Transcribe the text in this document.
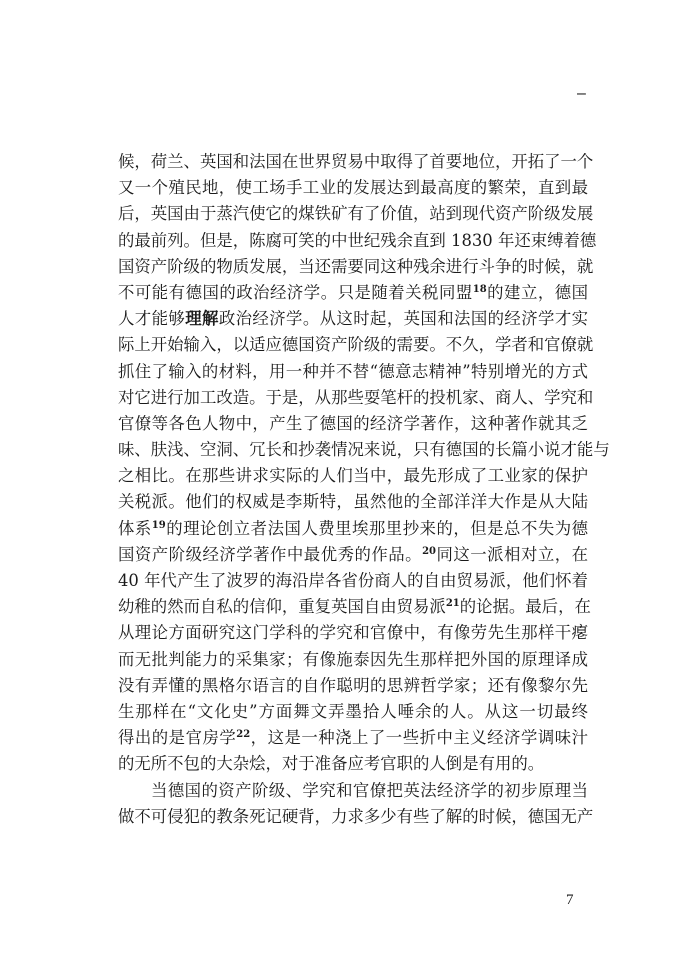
–
候，荷兰、英国和法国在世界贸易中取得了首要地位，开拓了一个
又一个殖民地，使工场手工业的发展达到最高度的繁荣，直到最
后，英国由于蒸汽使它的煤铁矿有了价值，站到现代资产阶级发展
的最前列。但是，陈腐可笑的中世纪残余直到 1830 年还束缚着德
国资产阶级的物质发展，当还需要同这种残余进行斗争的时候，就
不可能有德国的政治经济学。只是随着关税同盟$^{18}$的建立，德国
人才能够理解政治经济学。从这时起，英国和法国的经济学才实
际上开始输入，以适应德国资产阶级的需要。不久，学者和官僚就
抓住了输入的材料，用一种并不替“德意志精神”特别增光的方式
对它进行加工改造。于是，从那些耍笔杆的投机家、商人、学究和
官僚等各色人物中，产生了德国的经济学著作，这种著作就其乏
味、肤浅、空洞、冗长和抄袭情况来说，只有德国的长篇小说才能与
之相比。在那些讲求实际的人们当中，最先形成了工业家的保护
关税派。他们的权威是李斯特，虽然他的全部洋洋大作是从大陆
体系$^{19}$的理论创立者法国人费里埃那里抄来的，但是总不失为德
国资产阶级经济学著作中最优秀的作品。$^{20}$同这一派相对立，在
40 年代产生了波罗的海沿岸各省份商人的自由贸易派，他们怀着
幼稚的然而自私的信仰，重复英国自由贸易派$^{21}$的论据。最后，在
从理论方面研究这门学科的学究和官僚中，有像劳先生那样干瘪
而无批判能力的采集家；有像施泰因先生那样把外国的原理译成
没有弄懂的黑格尔语言的自作聪明的思辨哲学家；还有像黎尔先
生那样在“文化史”方面舞文弄墨拾人唾余的人。从这一切最终
得出的是官房学$^{22}$，这是一种浇上了一些折中主义经济学调味汁
的无所不包的大杂烩，对于准备应考官职的人倒是有用的。
当德国的资产阶级、学究和官僚把英法经济学的初步原理当
做不可侵犯的教条死记硬背，力求多少有些了解的时候，德国无产
7
